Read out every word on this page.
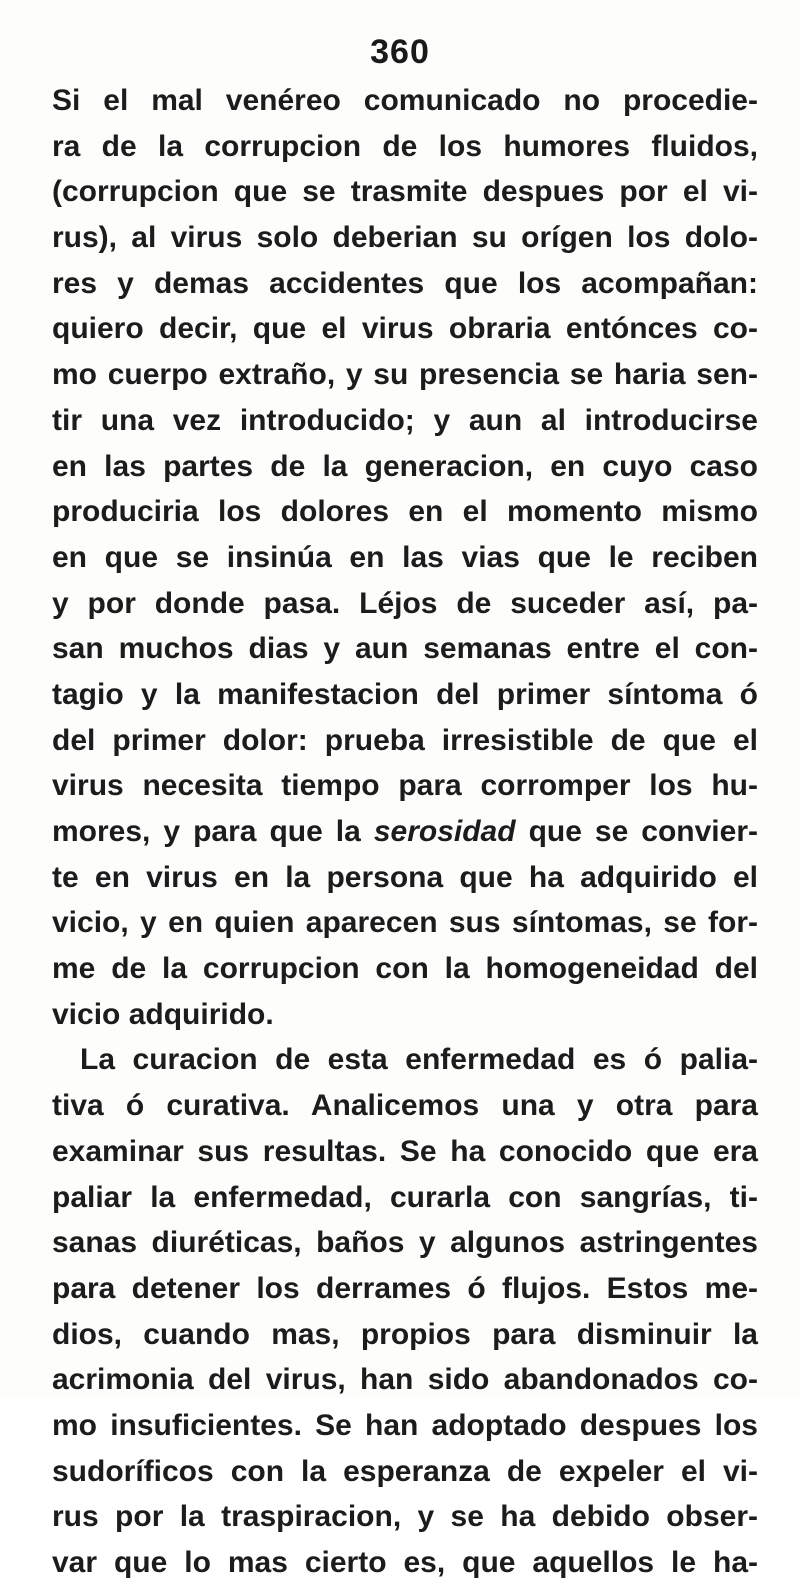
360
Si el mal venéreo comunicado no procedie-
ra de la corrupcion de los humores fluidos,
(corrupcion que se trasmite despues por el vi-
rus), al virus solo deberian su orígen los dolo-
res y demas accidentes que los acompañan:
quiero decir, que el virus obraria entónces co-
mo cuerpo extraño, y su presencia se haria sen-
tir una vez introducido; y aun al introducirse
en las partes de la generacion, en cuyo caso
produciria los dolores en el momento mismo
en que se insinúa en las vias que le reciben
y por donde pasa. Léjos de suceder así, pa-
san muchos dias y aun semanas entre el con-
tagio y la manifestacion del primer síntoma ó
del primer dolor: prueba irresistible de que el
virus necesita tiempo para corromper los hu-
mores, y para que la serosidad que se convier-
te en virus en la persona que ha adquirido el
vicio, y en quien aparecen sus síntomas, se for-
me de la corrupcion con la homogeneidad del
vicio adquirido.
La curacion de esta enfermedad es ó palia-
tiva ó curativa. Analicemos una y otra para
examinar sus resultas. Se ha conocido que era
paliar la enfermedad, curarla con sangrías, ti-
sanas diuréticas, baños y algunos astringentes
para detener los derrames ó flujos. Estos me-
dios, cuando mas, propios para disminuir la
acrimonia del virus, han sido abandonados co-
mo insuficientes. Se han adoptado despues los
sudoríficos con la esperanza de expeler el vi-
rus por la traspiracion, y se ha debido obser-
var que lo mas cierto es, que aquellos le ha-
